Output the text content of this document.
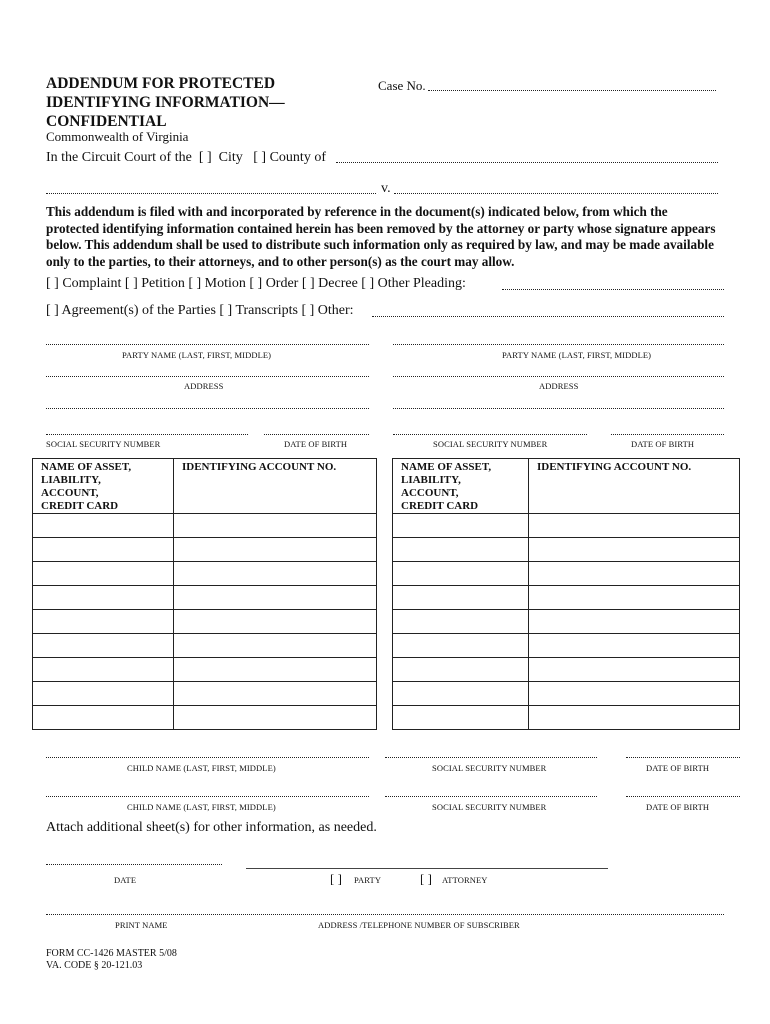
ADDENDUM FOR PROTECTED
IDENTIFYING INFORMATION—
CONFIDENTIAL
Case No.
Commonwealth of Virginia
In the Circuit Court of the [ ] City [ ] County of
v.
This addendum is filed with and incorporated by reference in the document(s) indicated below, from which the protected identifying information contained herein has been removed by the attorney or party whose signature appears below. This addendum shall be used to distribute such information only as required by law, and may be made available only to the parties, to their attorneys, and to other person(s) as the court may allow.
[ ] Complaint [ ] Petition [ ] Motion [ ] Order [ ] Decree [ ] Other Pleading:
[ ] Agreement(s) of the Parties [ ] Transcripts [ ] Other:
PARTY NAME (LAST, FIRST, MIDDLE)
ADDRESS
SOCIAL SECURITY NUMBER	DATE OF BIRTH
PARTY NAME (LAST, FIRST, MIDDLE)
ADDRESS
SOCIAL SECURITY NUMBER	DATE OF BIRTH
NAME OF ASSET,
LIABILITY,
ACCOUNT,
CREDIT CARD	IDENTIFYING ACCOUNT NO.

		NAME OF ASSET,
LIABILITY,
ACCOUNT,
CREDIT CARD	IDENTIFYING ACCOUNT NO.

CHILD NAME (LAST, FIRST, MIDDLE)	SOCIAL SECURITY NUMBER	DATE OF BIRTH
CHILD NAME (LAST, FIRST, MIDDLE)	SOCIAL SECURITY NUMBER	DATE OF BIRTH
Attach additional sheet(s) for other information, as needed.
DATE	[ ] PARTY	[ ] ATTORNEY
PRINT NAME	ADDRESS /TELEPHONE NUMBER OF SUBSCRIBER
FORM CC-1426 MASTER 5/08
VA. CODE § 20-121.03
